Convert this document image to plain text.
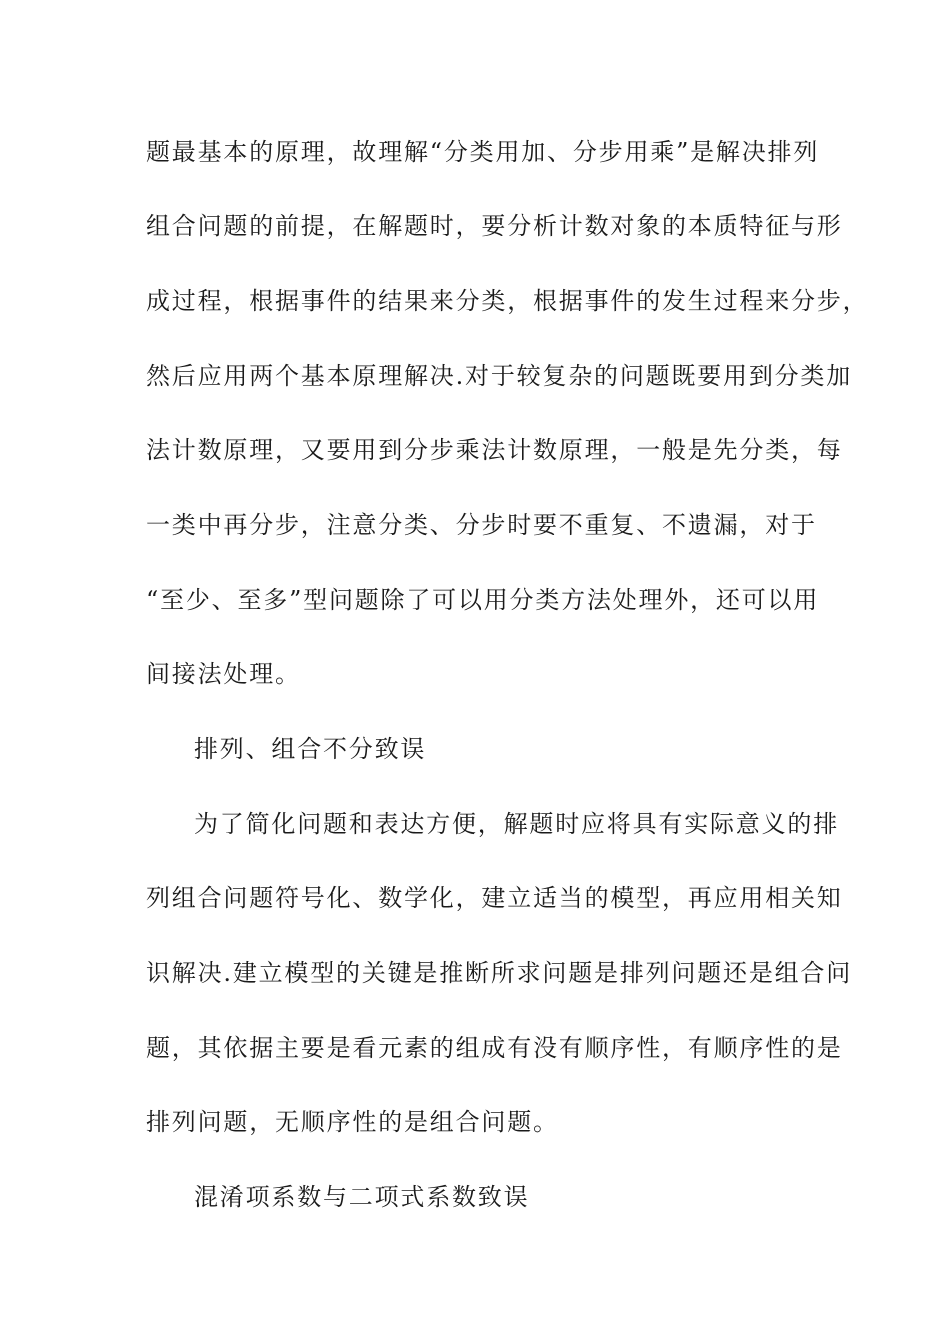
题最基本的原理，故理解“分类用加、分步用乘”是解决排列
组合问题的前提，在解题时，要分析计数对象的本质特征与形
成过程，根据事件的结果来分类，根据事件的发生过程来分步，
然后应用两个基本原理解决.对于较复杂的问题既要用到分类加
法计数原理，又要用到分步乘法计数原理，一般是先分类，每
一类中再分步，注意分类、分步时要不重复、不遗漏，对于
“至少、至多”型问题除了可以用分类方法处理外，还可以用
间接法处理。
排列、组合不分致误
为了简化问题和表达方便，解题时应将具有实际意义的排
列组合问题符号化、数学化，建立适当的模型，再应用相关知
识解决.建立模型的关键是推断所求问题是排列问题还是组合问
题，其依据主要是看元素的组成有没有顺序性，有顺序性的是
排列问题，无顺序性的是组合问题。
混淆项系数与二项式系数致误
